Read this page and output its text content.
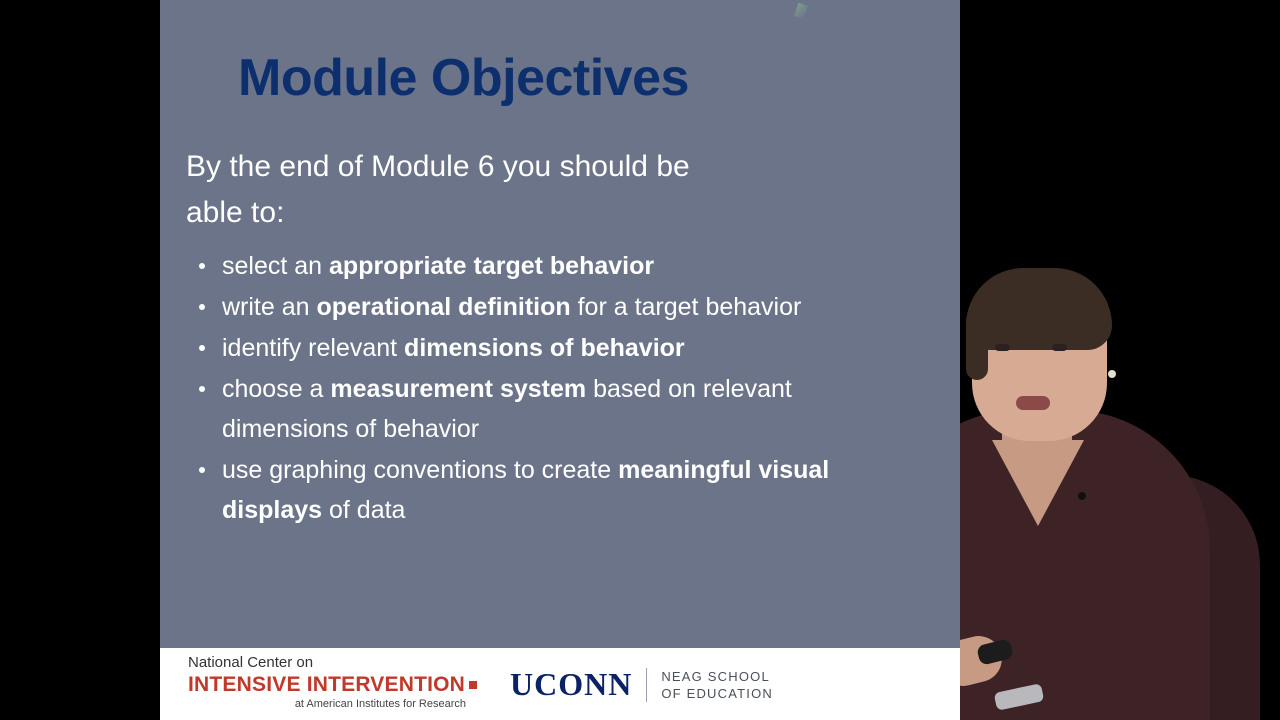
Module Objectives
By the end of Module 6 you should be able to:
select an appropriate target behavior
write an operational definition for a target behavior
identify relevant dimensions of behavior
choose a measurement system based on relevant dimensions of behavior
use graphing conventions to create meaningful visual displays of data
National Center on
INTENSIVE INTERVENTION
at American Institutes for Research
UCONN NEAG SCHOOL
OF EDUCATION
